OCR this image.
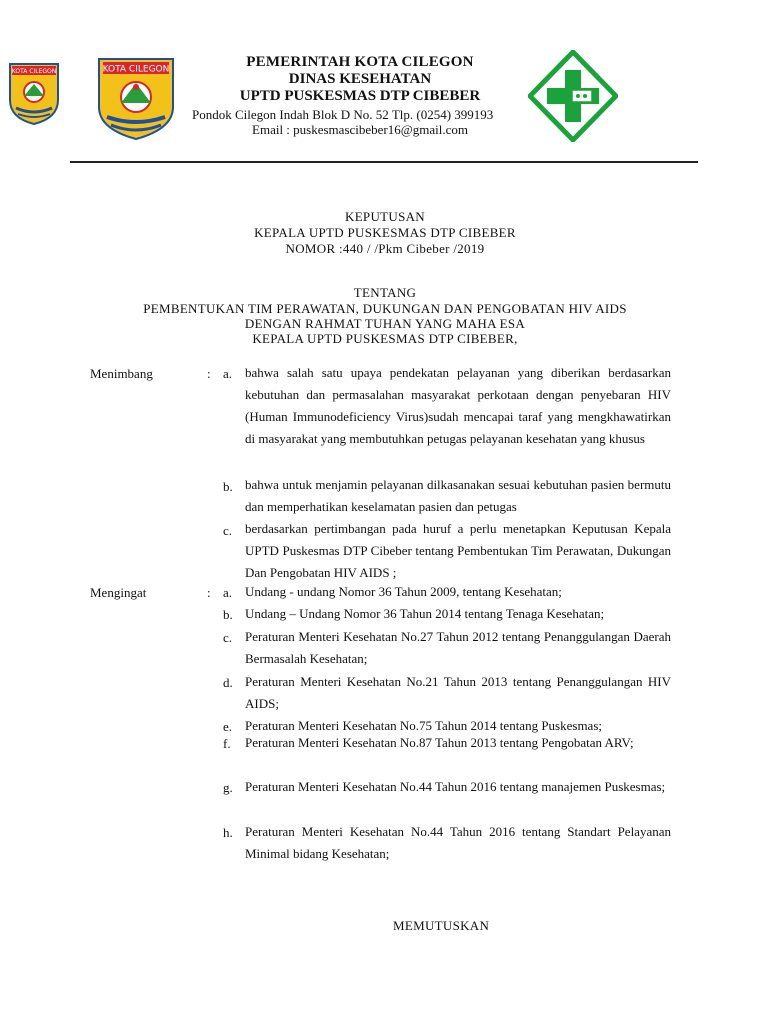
KOTA CILEGON	KOTA CILEGON	PEMERINTAH KOTA CILEGON
DINAS KESEHATAN
UPTD PUSKESMAS DTP CIBEBER
Pondok Cilegon Indah Blok D No. 52 Tlp. (0254) 399193
Email : puskesmascibeber16@gmail.com
KEPUTUSAN
KEPALA UPTD PUSKESMAS DTP CIBEBER
NOMOR :440 / /Pkm Cibeber /2019
TENTANG
PEMBENTUKAN TIM PERAWATAN, DUKUNGAN DAN PENGOBATAN HIV AIDS
DENGAN RAHMAT TUHAN YANG MAHA ESA
KEPALA UPTD PUSKESMAS DTP CIBEBER,
Menimbang	: a. bahwa salah satu upaya pendekatan pelayanan yang diberikan berdasarkan kebutuhan dan permasalahan masyarakat perkotaan dengan penyebaran HIV (Human Immunodeficiency Virus)sudah mencapai taraf yang mengkhawatirkan di masyarakat yang membutuhkan petugas pelayanan kesehatan yang khusus
b. bahwa untuk menjamin pelayanan dilkasanakan sesuai kebutuhan pasien bermutu dan memperhatikan keselamatan pasien dan petugas
c. berdasarkan pertimbangan pada huruf a perlu menetapkan Keputusan Kepala UPTD Puskesmas DTP Cibeber tentang Pembentukan Tim Perawatan, Dukungan Dan Pengobatan HIV AIDS ;
Mengingat	: a. Undang - undang Nomor 36 Tahun 2009, tentang Kesehatan;
b. Undang – Undang Nomor 36 Tahun 2014 tentang Tenaga Kesehatan;
c. Peraturan Menteri Kesehatan No.27 Tahun 2012 tentang Penanggulangan Daerah Bermasalah Kesehatan;
d. Peraturan Menteri Kesehatan No.21 Tahun 2013 tentang Penanggulangan HIV AIDS;
e. Peraturan Menteri Kesehatan No.75 Tahun 2014 tentang Puskesmas;
f. Peraturan Menteri Kesehatan No.87 Tahun 2013 tentang Pengobatan ARV;
g. Peraturan Menteri Kesehatan No.44 Tahun 2016 tentang manajemen Puskesmas;
h. Peraturan Menteri Kesehatan No.44 Tahun 2016 tentang Standart Pelayanan Minimal bidang Kesehatan;
MEMUTUSKAN
